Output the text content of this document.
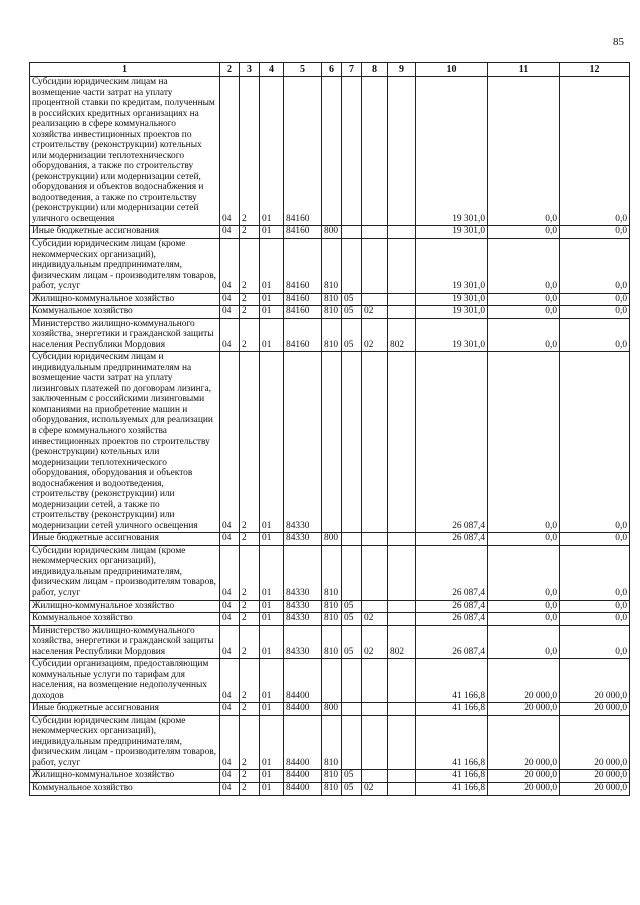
85
1	2	3	4	5	6	7	8	9	10	11	12
Субсидии юридическим лицам на возмещение части затрат на уплату процентной ставки по кредитам, полученным в российских кредитных организациях на реализацию в сфере коммунального хозяйства инвестиционных проектов по строительству (реконструкции) котельных или модернизации теплотехнического оборудования, а также по строительству (реконструкции) или модернизации сетей, оборудования и объектов водоснабжения и водоотведения, а также по строительству (реконструкции) или модернизации сетей уличного освещения	04	2	01	84160					19 301,0	0,0	0,0
Иные бюджетные ассигнования	04	2	01	84160	800				19 301,0	0,0	0,0
Субсидии юридическим лицам (кроме некоммерческих организаций), индивидуальным предпринимателям, физическим лицам - производителям товаров, работ, услуг	04	2	01	84160	810				19 301,0	0,0	0,0
Жилищно-коммунальное хозяйство	04	2	01	84160	810	05			19 301,0	0,0	0,0
Коммунальное хозяйство	04	2	01	84160	810	05	02		19 301,0	0,0	0,0
Министерство жилищно-коммунального хозяйства, энергетики и гражданской защиты населения Республики Мордовия	04	2	01	84160	810	05	02	802	19 301,0	0,0	0,0
Субсидии юридическим лицам и индивидуальным предпринимателям на возмещение части затрат на уплату лизинговых платежей по договорам лизинга, заключенным с российскими лизинговыми компаниями на приобретение машин и оборудования, используемых для реализации в сфере коммунального хозяйства инвестиционных проектов по строительству (реконструкции) котельных или модернизации теплотехнического оборудования, оборудования и объектов водоснабжения и водоотведения, строительству (реконструкции) или модернизации сетей, а также по строительству (реконструкции) или модернизации сетей уличного освещения	04	2	01	84330					26 087,4	0,0	0,0
Иные бюджетные ассигнования	04	2	01	84330	800				26 087,4	0,0	0,0
Субсидии юридическим лицам (кроме некоммерческих организаций), индивидуальным предпринимателям, физическим лицам - производителям товаров, работ, услуг	04	2	01	84330	810				26 087,4	0,0	0,0
Жилищно-коммунальное хозяйство	04	2	01	84330	810	05			26 087,4	0,0	0,0
Коммунальное хозяйство	04	2	01	84330	810	05	02		26 087,4	0,0	0,0
Министерство жилищно-коммунального хозяйства, энергетики и гражданской защиты населения Республики Мордовия	04	2	01	84330	810	05	02	802	26 087,4	0,0	0,0
Субсидии организациям, предоставляющим коммунальные услуги по тарифам для населения, на возмещение недополученных доходов	04	2	01	84400					41 166,8	20 000,0	20 000,0
Иные бюджетные ассигнования	04	2	01	84400	800				41 166,8	20 000,0	20 000,0
Субсидии юридическим лицам (кроме некоммерческих организаций), индивидуальным предпринимателям, физическим лицам - производителям товаров, работ, услуг	04	2	01	84400	810				41 166,8	20 000,0	20 000,0
Жилищно-коммунальное хозяйство	04	2	01	84400	810	05			41 166,8	20 000,0	20 000,0
Коммунальное хозяйство	04	2	01	84400	810	05	02		41 166,8	20 000,0	20 000,0
